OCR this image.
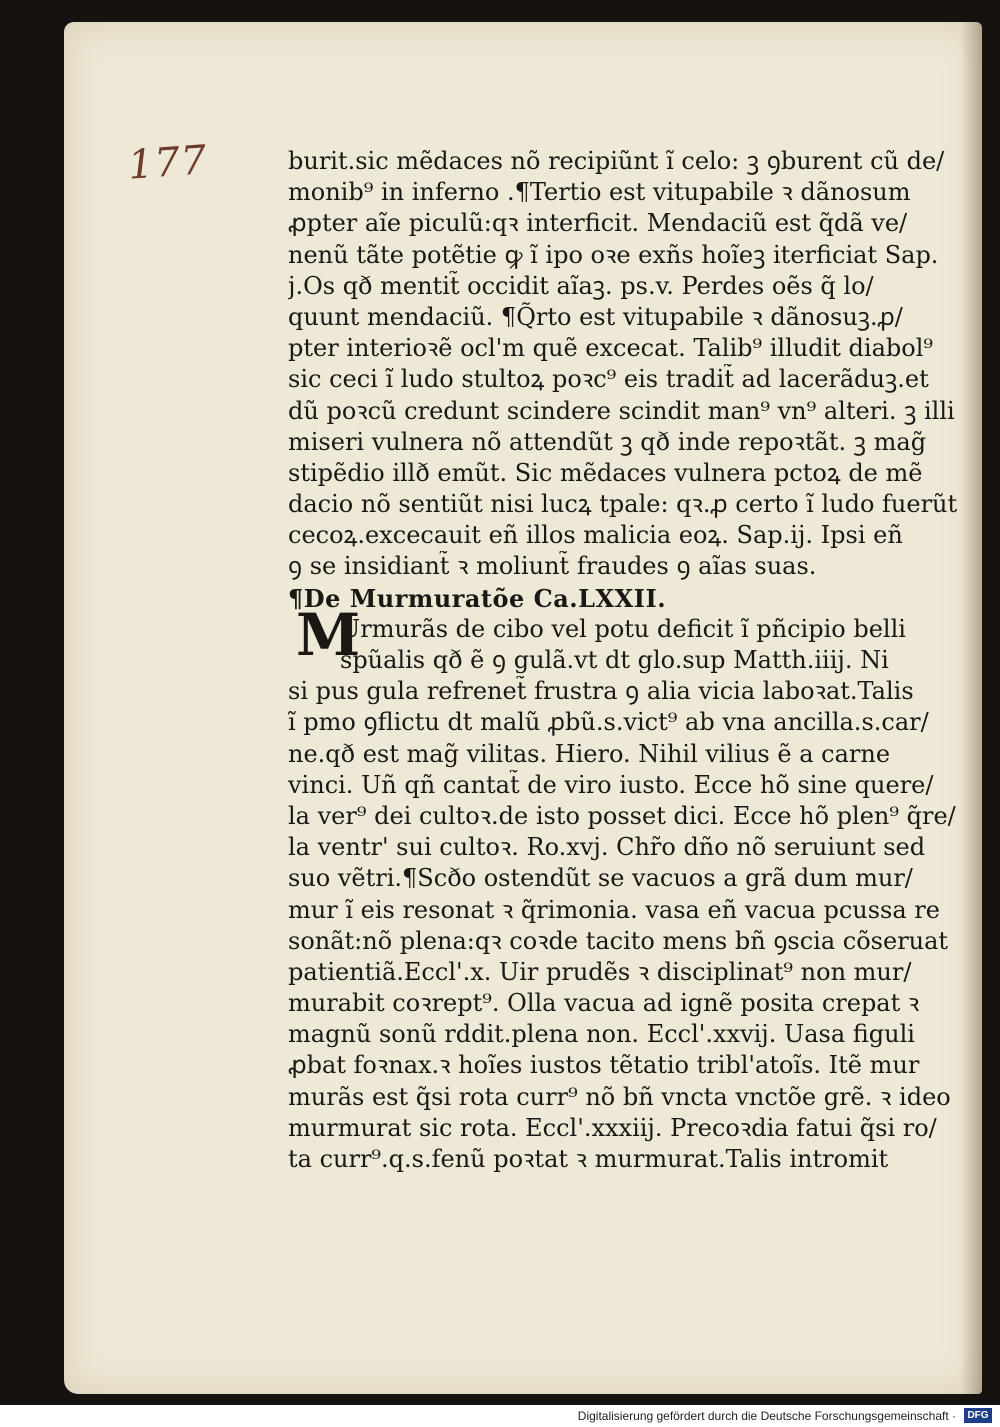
177
M
burit.sic mẽdaces nõ recipiũnt ĩ celo: ꝫ ꝯburent cũ de/
monib⁹ in inferno .¶Tertio est vitupabile ꝛ dãnosum
ꝓpter aĩe piculũ:qꝛ interficit. Mendaciũ est q̃dã ve/
nenũ tãte potẽtie ꝙ ĩ ipo oꝛe exñs hoĩeꝫ iterficiat Sap.
j.Os qð mentit̃ occidit aĩaꝫ. ps.v. Perdes oẽs q̃ lo/
quunt mendaciũ. ¶Q̃rto est vitupabile ꝛ dãnosuꝫ.ꝓ/
pter interioꝛẽ ocl'm quẽ excecat. Talib⁹ illudit diabol⁹
sic ceci ĩ ludo stultoꝝ poꝛc⁹ eis tradit̃ ad lacerãduꝫ.et
dũ poꝛcũ credunt scindere scindit man⁹ vn⁹ alteri. ꝫ illi
miseri vulnera nõ attendũt ꝫ qð inde repoꝛtãt. ꝫ mag̃
stipẽdio illð emũt. Sic mẽdaces vulnera pctoꝝ de mẽ
dacio nõ sentiũt nisi lucꝝ tpale: qꝛ.ꝓ certo ĩ ludo fuerũt
cecoꝝ.excecauit eñ illos malicia eoꝝ. Sap.ij. Ipsi eñ
ꝯ se insidiant̃ ꝛ moliunt̃ fraudes ꝯ aĩas suas.
¶De Murmuratõe Ca.LXXII.
Urmurãs de cibo vel potu deficit ĩ pñcipio belli
spũalis qð ẽ ꝯ gulã.vt dt glo.sup Matth.iiij. Ni
si pus gula refrenet̃ frustra ꝯ alia vicia laboꝛat.Talis
ĩ pmo ꝯflictu dt malũ ꝓbũ.s.vict⁹ ab vna ancilla.s.car/
ne.qð est mag̃ vilitas. Hiero. Nihil vilius ẽ a carne
vinci. Uñ qñ cantat̃ de viro iusto. Ecce hõ sine quere/
la ver⁹ dei cultoꝛ.de isto posset dici. Ecce hõ plen⁹ q̃re/
la ventr' sui cultoꝛ. Ro.xvj. Chr̃o dño nõ seruiunt sed
suo vẽtri.¶Scðo ostendũt se vacuos a grã dum mur/
mur ĩ eis resonat ꝛ q̃rimonia. vasa eñ vacua pcussa re
sonãt:nõ plena:qꝛ coꝛde tacito mens bñ ꝯscia cõseruat
patientiã.Eccl'.x. Uir prudẽs ꝛ disciplinat⁹ non mur/
murabit coꝛrept⁹. Olla vacua ad ignẽ posita crepat ꝛ
magnũ sonũ rddit.plena non. Eccl'.xxvij. Uasa figuli
ꝓbat foꝛnax.ꝛ hoĩes iustos tẽtatio tribl'atoĩs. Itẽ mur
murãs est q̃si rota curr⁹ nõ bñ vncta vnctõe grẽ. ꝛ ideo
murmurat sic rota. Eccl'.xxxiij. Precoꝛdia fatui q̃si ro/
ta curr⁹.q.s.fenũ poꝛtat ꝛ murmurat.Talis intromit
Digitalisierung gefördert durch die Deutsche Forschungsgemeinschaft ·	DFG
